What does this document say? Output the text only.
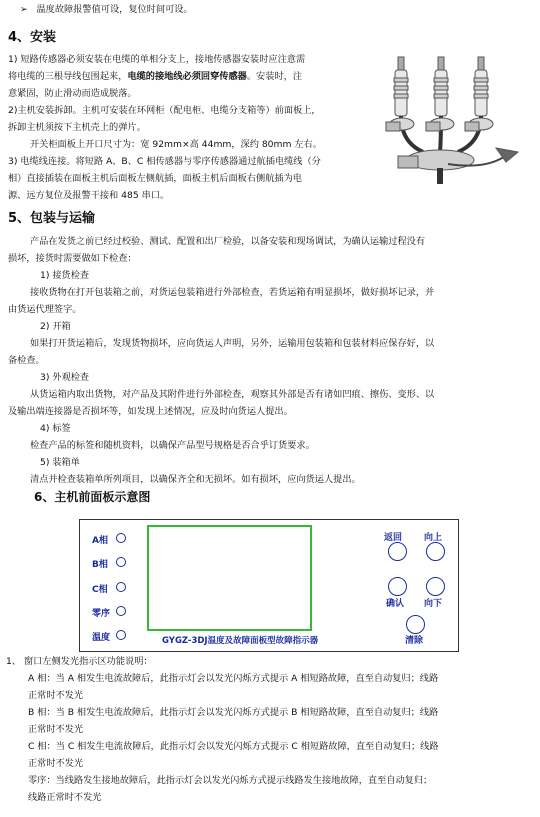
➢ 温度故障报警值可设，复位时间可设。
4、安装
1) 短路传感器必须安装在电缆的单相分支上，接地传感器安装时应注意需
将电缆的三根导线包围起来，电缆的接地线必须回穿传感器。安装时，注
意紧固，防止滑动而造成脱落。
2)主机安装拆卸。主机可安装在环网柜（配电柜、电缆分支箱等）前面板上，
拆卸主机须按下主机壳上的弹片。
开关柜面板上开口尺寸为：宽 92mm×高 44mm，深约 80mm 左右。
3) 电缆线连接。将短路 A、B、C 相传感器与零序传感器通过航插电缆线（分
相）直接插装在面板主机后面板左侧航插，面板主机后面板右侧航插为电
源、远方复位及报警干接和 485 串口。
5、包装与运输
产品在发货之前已经过校验、测试、配置和出厂检验，以备安装和现场调试，为确认运输过程没有
损坏，接货时需要做如下检查：
1) 接货检查
接收货物在打开包装箱之前，对货运包装箱进行外部检查，若货运箱有明显损坏，做好损坏记录，并
由货运代理签字。
2) 开箱
如果打开货运箱后，发现货物损坏，应向货运人声明，另外，运输用包装箱和包装材料应保存好，以
备检查。
3) 外观检查
从货运箱内取出货物，对产品及其附件进行外部检查，观察其外部是否有诸如凹痕、擦伤、变形、以
及输出端连接器是否损坏等，如发现上述情况，应及时向货运人提出。
4) 标签
检查产品的标签和随机资料，以确保产品型号规格是否合乎订货要求。
5) 装箱单
清点并检查装箱单所列项目，以确保齐全和无损坏。如有损坏，应向货运人提出。
6、主机前面板示意图
A相
B相
C相
零序
温度
返回 向上
确认 向下
清除
GYGZ-3DJ温度及故障面板型故障指示器
1、 窗口左侧发光指示区功能说明：
A 相：当 A 相发生电流故障后，此指示灯会以发光闪烁方式提示 A 相短路故障，直至自动复归；线路
正常时不发光
B 相：当 B 相发生电流故障后，此指示灯会以发光闪烁方式提示 B 相短路故障，直至自动复归；线路
正常时不发光
C 相：当 C 相发生电流故障后，此指示灯会以发光闪烁方式提示 C 相短路故障，直至自动复归；线路
正常时不发光
零序：当线路发生接地故障后，此指示灯会以发光闪烁方式提示线路发生接地故障，直至自动复归；
线路正常时不发光
